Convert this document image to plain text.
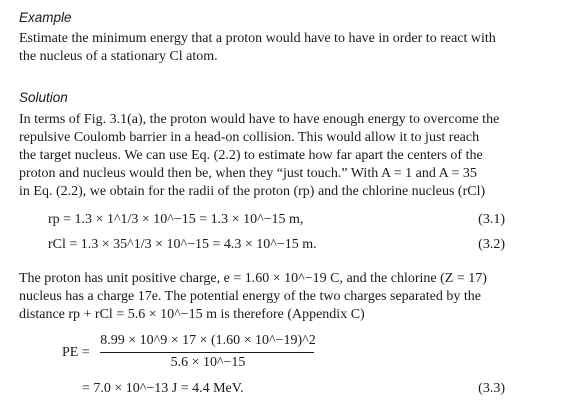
Example
Estimate the minimum energy that a proton would have to have in order to react with
the nucleus of a stationary Cl atom.
Solution
In terms of Fig. 3.1(a), the proton would have to have enough energy to overcome the
repulsive Coulomb barrier in a head-on collision. This would allow it to just reach
the target nucleus. We can use Eq. (2.2) to estimate how far apart the centers of the
proton and nucleus would then be, when they “just touch.” With A = 1 and A = 35
in Eq. (2.2), we obtain for the radii of the proton (rp) and the chlorine nucleus (rCl)
rp = 1.3 × 1^1/3 × 10^−15 = 1.3 × 10^−15 m,	(3.1)
rCl = 1.3 × 35^1/3 × 10^−15 = 4.3 × 10^−15 m.	(3.2)
The proton has unit positive charge, e = 1.60 × 10^−19 C, and the chlorine (Z = 17)
nucleus has a charge 17e. The potential energy of the two charges separated by the
distance rp + rCl = 5.6 × 10^−15 m is therefore (Appendix C)
PE =
8.99 × 10^9 × 17 × (1.60 × 10^−19)^2
5.6 × 10^−15
= 7.0 × 10^−13 J = 4.4 MeV.	(3.3)
